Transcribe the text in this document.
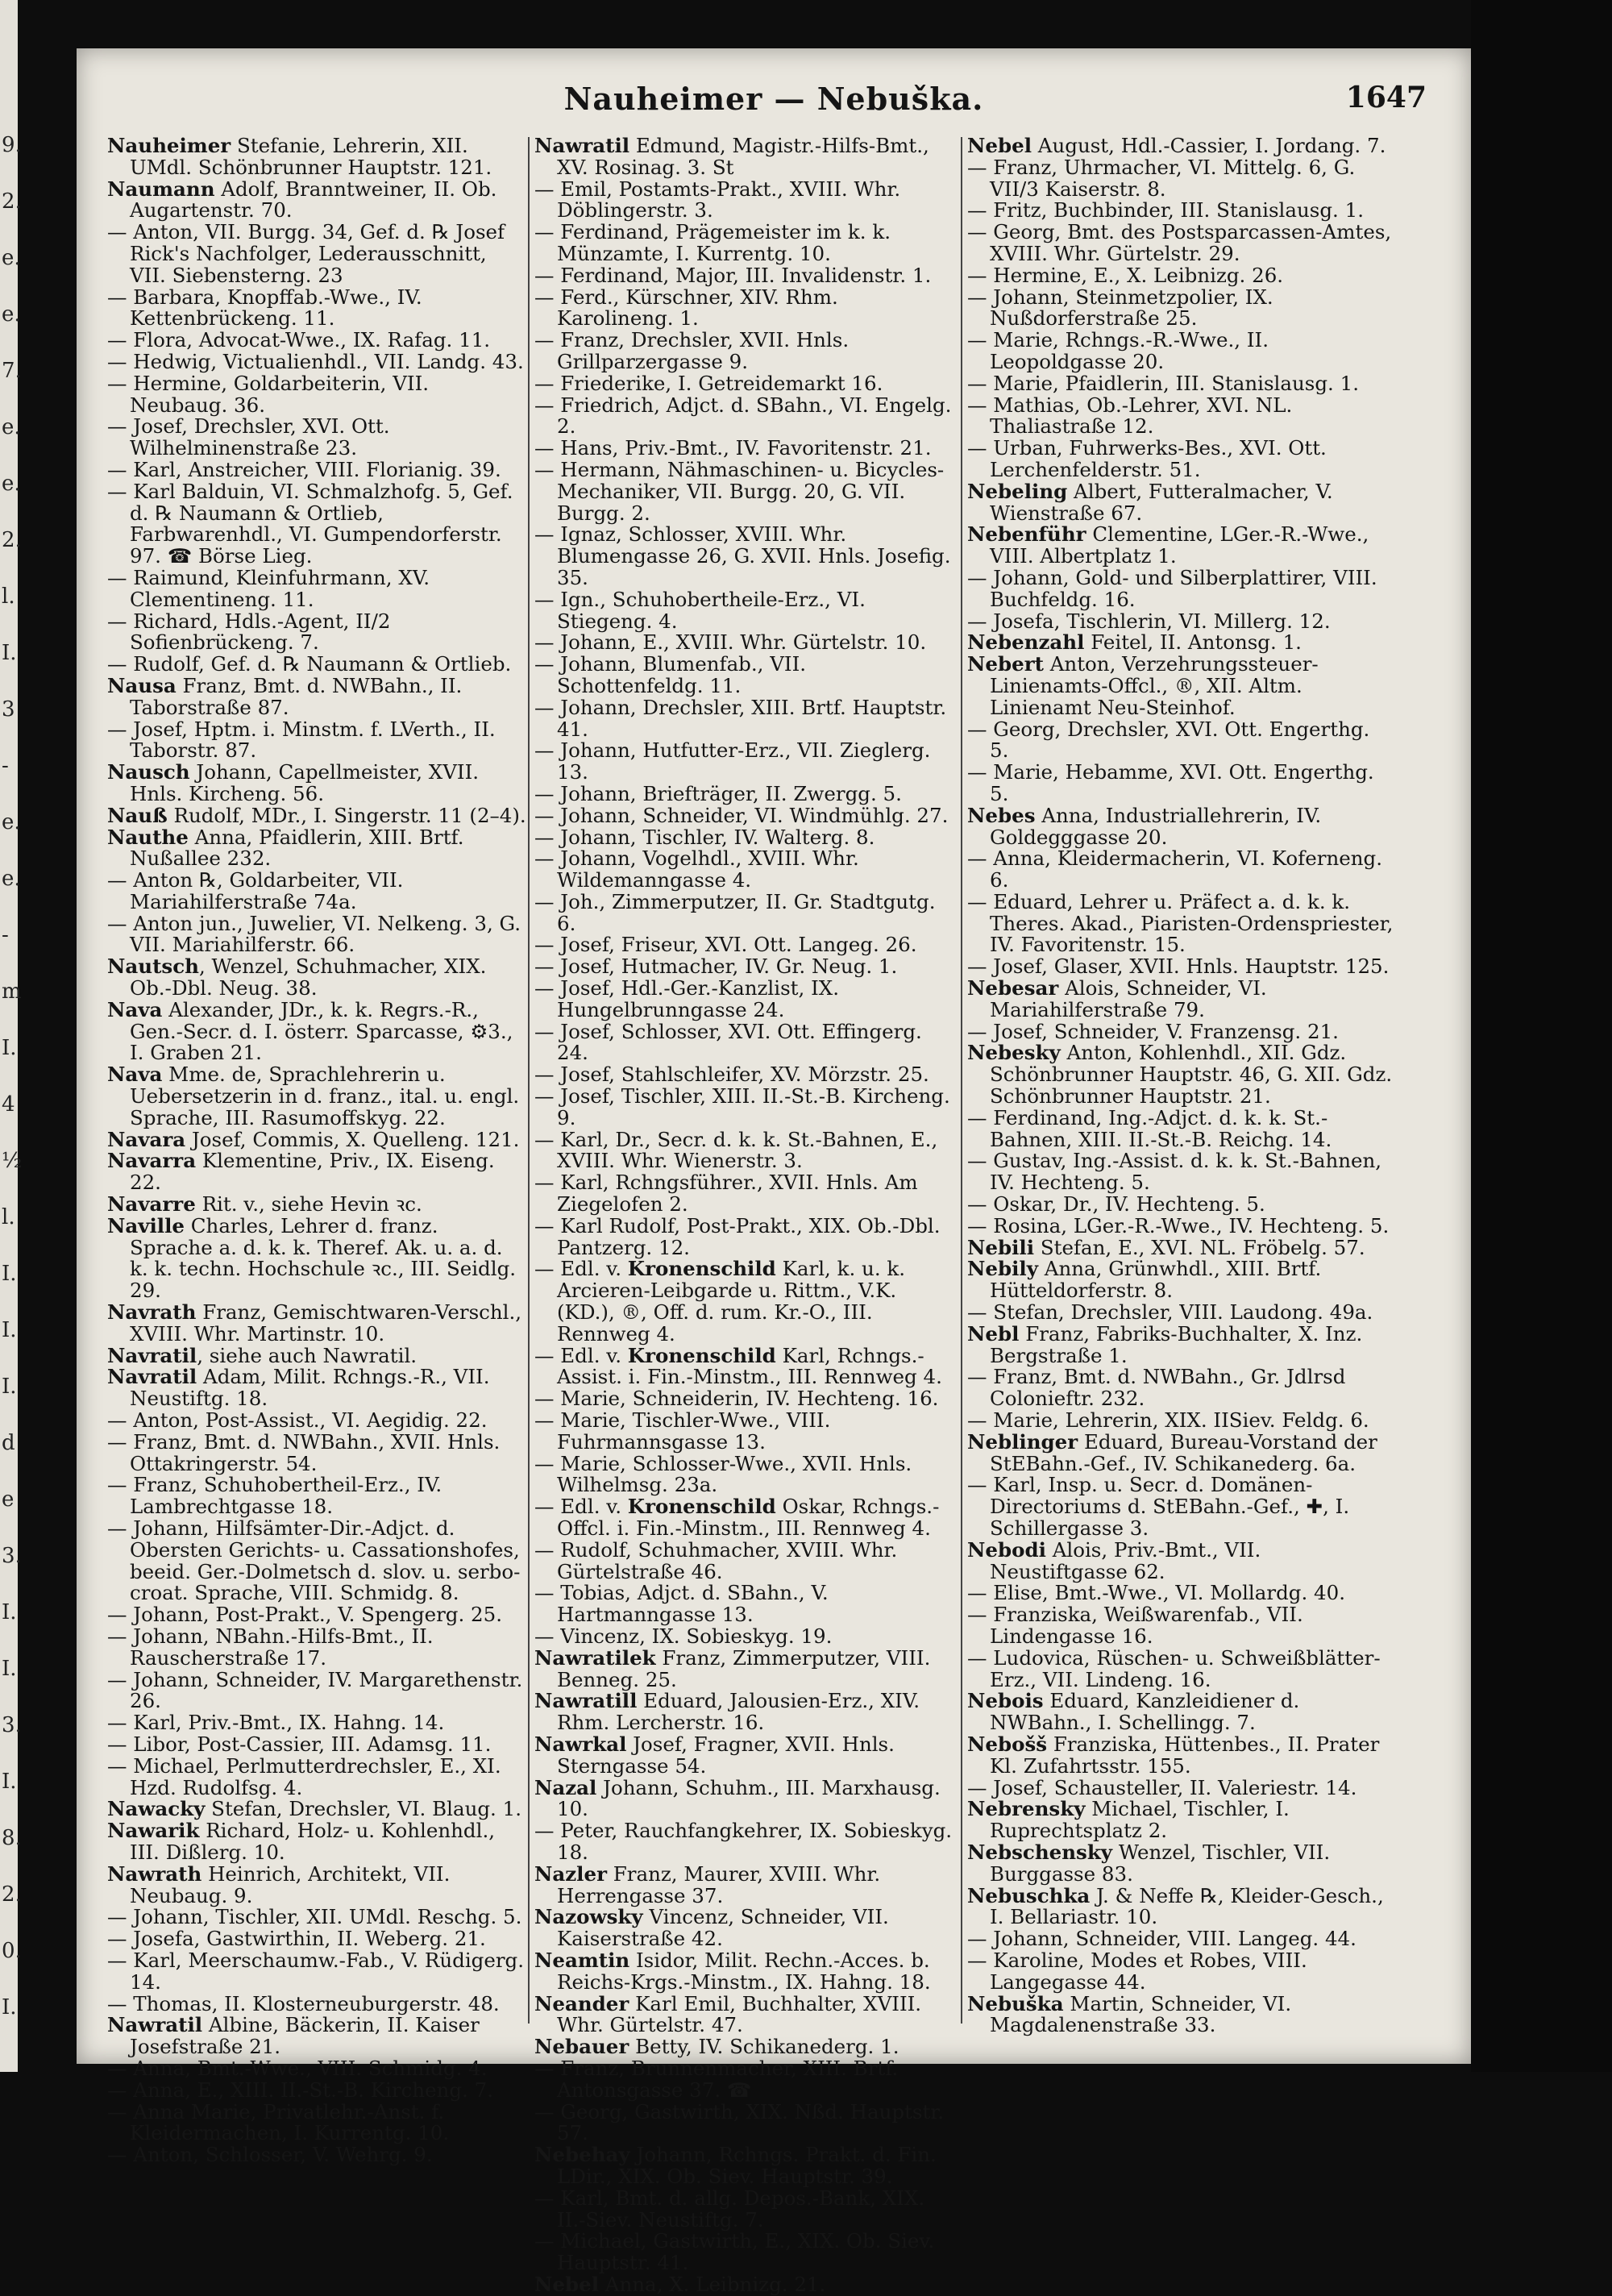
9.
2.
e.
e.
7.
e.
e.
2.
l.
I.
3
-
e.
e.
-
m
I.
4
½
l.
I.
I.
I.
d
e
3.
I.
I.
3.
I.
8.
2.
0.
I.
Nauheimer — Nebuška.	1647

Nauheimer Stefanie, Lehrerin, XII. UMdl. Schönbrunner Hauptstr. 121.

Naumann Adolf, Branntweiner, II. Ob. Augartenstr. 70.

— Anton, VII. Burgg. 34, Gef. d. ℞ Josef Rick's Nachfolger, Lederausschnitt, VII. Siebensterng. 23

— Barbara, Knopffab.-Wwe., IV. Kettenbrückeng. 11.

— Flora, Advocat-Wwe., IX. Rafag. 11.

— Hedwig, Victualienhdl., VII. Landg. 43.

— Hermine, Goldarbeiterin, VII. Neubaug. 36.

— Josef, Drechsler, XVI. Ott. Wilhelminenstraße 23.

— Karl, Anstreicher, VIII. Florianig. 39.

— Karl Balduin, VI. Schmalzhofg. 5, Gef. d. ℞ Naumann & Ortlieb, Farbwarenhdl., VI. Gumpendorferstr. 97. ☎ Börse Lieg.

— Raimund, Kleinfuhrmann, XV. Clementineng. 11.

— Richard, Hdls.-Agent, II/2 Sofienbrückeng. 7.

— Rudolf, Gef. d. ℞ Naumann & Ortlieb.

Nausa Franz, Bmt. d. NWBahn., II. Taborstraße 87.

— Josef, Hptm. i. Minstm. f. LVerth., II. Taborstr. 87.

Nausch Johann, Capellmeister, XVII. Hnls. Kircheng. 56.

Nauß Rudolf, MDr., I. Singerstr. 11 (2–4).

Nauthe Anna, Pfaidlerin, XIII. Brtf. Nußallee 232.

— Anton ℞, Goldarbeiter, VII. Mariahilferstraße 74a.

— Anton jun., Juwelier, VI. Nelkeng. 3, G. VII. Mariahilferstr. 66.

Nautsch, Wenzel, Schuhmacher, XIX. Ob.-Dbl. Neug. 38.

Nava Alexander, JDr., k. k. Regrs.-R., Gen.-Secr. d. I. österr. Sparcasse, ⚙3., I. Graben 21.

Nava Mme. de, Sprachlehrerin u. Uebersetzerin in d. franz., ital. u. engl. Sprache, III. Rasumoffskyg. 22.

Navara Josef, Commis, X. Quelleng. 121.

Navarra Klementine, Priv., IX. Eiseng. 22.

Navarre Rit. v., siehe Hevin ꝛc.

Naville Charles, Lehrer d. franz. Sprache a. d. k. k. Theref. Ak. u. a. d. k. k. techn. Hochschule ꝛc., III. Seidlg. 29.

Navrath Franz, Gemischtwaren-Verschl., XVIII. Whr. Martinstr. 10.

Navratil, siehe auch Nawratil.

Navratil Adam, Milit. Rchngs.-R., VII. Neustiftg. 18.

— Anton, Post-Assist., VI. Aegidig. 22.

— Franz, Bmt. d. NWBahn., XVII. Hnls. Ottakringerstr. 54.

— Franz, Schuhobertheil-Erz., IV. Lambrechtgasse 18.

— Johann, Hilfsämter-Dir.-Adjct. d. Obersten Gerichts- u. Cassationshofes, beeid. Ger.-Dolmetsch d. slov. u. serbo-croat. Sprache, VIII. Schmidg. 8.

— Johann, Post-Prakt., V. Spengerg. 25.

— Johann, NBahn.-Hilfs-Bmt., II. Rauscherstraße 17.

— Johann, Schneider, IV. Margarethenstr. 26.

— Karl, Priv.-Bmt., IX. Hahng. 14.

— Libor, Post-Cassier, III. Adamsg. 11.

— Michael, Perlmutterdrechsler, E., XI. Hzd. Rudolfsg. 4.

Nawacky Stefan, Drechsler, VI. Blaug. 1.

Nawarik Richard, Holz- u. Kohlenhdl., III. Dißlerg. 10.

Nawrath Heinrich, Architekt, VII. Neubaug. 9.

— Johann, Tischler, XII. UMdl. Reschg. 5.

— Josefa, Gastwirthin, II. Weberg. 21.

— Karl, Meerschaumw.-Fab., V. Rüdigerg. 14.

— Thomas, II. Klosterneuburgerstr. 48.

Nawratil Albine, Bäckerin, II. Kaiser Josefstraße 21.

— Anna, Bmt.-Wwe., VIII. Schmidg. 4.

— Anna, E., XIII. II.-St.-B. Kircheng. 7.

— Anna Marie, Privatlehr.-Anst. f. Kleidermachen, I. Kurrentg. 10.

— Anton, Schlosser, V. Wehrg. 9.

Nawratil Edmund, Magistr.-Hilfs-Bmt., XV. Rosinag. 3. St

— Emil, Postamts-Prakt., XVIII. Whr. Döblingerstr. 3.

— Ferdinand, Prägemeister im k. k. Münzamte, I. Kurrentg. 10.

— Ferdinand, Major, III. Invalidenstr. 1.

— Ferd., Kürschner, XIV. Rhm. Karolineng. 1.

— Franz, Drechsler, XVII. Hnls. Grillparzergasse 9.

— Friederike, I. Getreidemarkt 16.

— Friedrich, Adjct. d. SBahn., VI. Engelg. 2.

— Hans, Priv.-Bmt., IV. Favoritenstr. 21.

— Hermann, Nähmaschinen- u. Bicycles-Mechaniker, VII. Burgg. 20, G. VII. Burgg. 2.

— Ignaz, Schlosser, XVIII. Whr. Blumengasse 26, G. XVII. Hnls. Josefig. 35.

— Ign., Schuhobertheile-Erz., VI. Stiegeng. 4.

— Johann, E., XVIII. Whr. Gürtelstr. 10.

— Johann, Blumenfab., VII. Schottenfeldg. 11.

— Johann, Drechsler, XIII. Brtf. Hauptstr. 41.

— Johann, Hutfutter-Erz., VII. Zieglerg. 13.

— Johann, Briefträger, II. Zwergg. 5.

— Johann, Schneider, VI. Windmühlg. 27.

— Johann, Tischler, IV. Walterg. 8.

— Johann, Vogelhdl., XVIII. Whr. Wildemanngasse 4.

— Joh., Zimmerputzer, II. Gr. Stadtgutg. 6.

— Josef, Friseur, XVI. Ott. Langeg. 26.

— Josef, Hutmacher, IV. Gr. Neug. 1.

— Josef, Hdl.-Ger.-Kanzlist, IX. Hungelbrunngasse 24.

— Josef, Schlosser, XVI. Ott. Effingerg. 24.

— Josef, Stahlschleifer, XV. Mörzstr. 25.

— Josef, Tischler, XIII. II.-St.-B. Kircheng. 9.

— Karl, Dr., Secr. d. k. k. St.-Bahnen, E., XVIII. Whr. Wienerstr. 3.

— Karl, Rchngsführer., XVII. Hnls. Am Ziegelofen 2.

— Karl Rudolf, Post-Prakt., XIX. Ob.-Dbl. Pantzerg. 12.

— Edl. v. Kronenschild Karl, k. u. k. Arcieren-Leibgarde u. Rittm., V.K. (KD.), ®, Off. d. rum. Kr.-O., III. Rennweg 4.

— Edl. v. Kronenschild Karl, Rchngs.-Assist. i. Fin.-Minstm., III. Rennweg 4.

— Marie, Schneiderin, IV. Hechteng. 16.

— Marie, Tischler-Wwe., VIII. Fuhrmannsgasse 13.

— Marie, Schlosser-Wwe., XVII. Hnls. Wilhelmsg. 23a.

— Edl. v. Kronenschild Oskar, Rchngs.-Offcl. i. Fin.-Minstm., III. Rennweg 4.

— Rudolf, Schuhmacher, XVIII. Whr. Gürtelstraße 46.

— Tobias, Adjct. d. SBahn., V. Hartmanngasse 13.

— Vincenz, IX. Sobieskyg. 19.

Nawratilek Franz, Zimmerputzer, VIII. Benneg. 25.

Nawratill Eduard, Jalousien-Erz., XIV. Rhm. Lercherstr. 16.

Nawrkal Josef, Fragner, XVII. Hnls. Sterngasse 54.

Nazal Johann, Schuhm., III. Marxhausg. 10.

— Peter, Rauchfangkehrer, IX. Sobieskyg. 18.

Nazler Franz, Maurer, XVIII. Whr. Herrengasse 37.

Nazowsky Vincenz, Schneider, VII. Kaiserstraße 42.

Neamtin Isidor, Milit. Rechn.-Acces. b. Reichs-Krgs.-Minstm., IX. Hahng. 18.

Neander Karl Emil, Buchhalter, XVIII. Whr. Gürtelstr. 47.

Nebauer Betty, IV. Schikanederg. 1.

— Franz, Brunnenmacher, XIII. Brtf. Antonsgasse 37. ☎

— Georg, Gastwirth, XIX. Nßd. Hauptstr. 57.

Nebehay Johann, Rchngs. Prakt. d. Fin. LDir., XIX. Ob. Siev. Hauptstr. 39.

— Karl, Bmt. d. allg. Depos.-Bank, XIX. II.-Siev. Neustiftg. 7.

— Michael, Gastwirth, E., XIX. Ob. Siev. Hauptstr. 41.

Nebel Anna, X. Leibnizg. 21.

Nebel August, Hdl.-Cassier, I. Jordang. 7.

— Franz, Uhrmacher, VI. Mittelg. 6, G. VII/3 Kaiserstr. 8.

— Fritz, Buchbinder, III. Stanislausg. 1.

— Georg, Bmt. des Postsparcassen-Amtes, XVIII. Whr. Gürtelstr. 29.

— Hermine, E., X. Leibnizg. 26.

— Johann, Steinmetzpolier, IX. Nußdorferstraße 25.

— Marie, Rchngs.-R.-Wwe., II. Leopoldgasse 20.

— Marie, Pfaidlerin, III. Stanislausg. 1.

— Mathias, Ob.-Lehrer, XVI. NL. Thaliastraße 12.

— Urban, Fuhrwerks-Bes., XVI. Ott. Lerchenfelderstr. 51.

Nebeling Albert, Futteralmacher, V. Wienstraße 67.

Nebenführ Clementine, LGer.-R.-Wwe., VIII. Albertplatz 1.

— Johann, Gold- und Silberplattirer, VIII. Buchfeldg. 16.

— Josefa, Tischlerin, VI. Millerg. 12.

Nebenzahl Feitel, II. Antonsg. 1.

Nebert Anton, Verzehrungssteuer-Linienamts-Offcl., ®, XII. Altm. Linienamt Neu-Steinhof.

— Georg, Drechsler, XVI. Ott. Engerthg. 5.

— Marie, Hebamme, XVI. Ott. Engerthg. 5.

Nebes Anna, Industriallehrerin, IV. Goldegggasse 20.

— Anna, Kleidermacherin, VI. Koferneng. 6.

— Eduard, Lehrer u. Präfect a. d. k. k. Theres. Akad., Piaristen-Ordenspriester, IV. Favoritenstr. 15.

— Josef, Glaser, XVII. Hnls. Hauptstr. 125.

Nebesar Alois, Schneider, VI. Mariahilferstraße 79.

— Josef, Schneider, V. Franzensg. 21.

Nebesky Anton, Kohlenhdl., XII. Gdz. Schönbrunner Hauptstr. 46, G. XII. Gdz. Schönbrunner Hauptstr. 21.

— Ferdinand, Ing.-Adjct. d. k. k. St.-Bahnen, XIII. II.-St.-B. Reichg. 14.

— Gustav, Ing.-Assist. d. k. k. St.-Bahnen, IV. Hechteng. 5.

— Oskar, Dr., IV. Hechteng. 5.

— Rosina, LGer.-R.-Wwe., IV. Hechteng. 5.

Nebili Stefan, E., XVI. NL. Fröbelg. 57.

Nebily Anna, Grünwhdl., XIII. Brtf. Hütteldorferstr. 8.

— Stefan, Drechsler, VIII. Laudong. 49a.

Nebl Franz, Fabriks-Buchhalter, X. Inz. Bergstraße 1.

— Franz, Bmt. d. NWBahn., Gr. Jdlrsd Colonieftr. 232.

— Marie, Lehrerin, XIX. IISiev. Feldg. 6.

Neblinger Eduard, Bureau-Vorstand der StEBahn.-Gef., IV. Schikanederg. 6a.

— Karl, Insp. u. Secr. d. Domänen-Directoriums d. StEBahn.-Gef., ✚, I. Schillergasse 3.

Nebodi Alois, Priv.-Bmt., VII. Neustiftgasse 62.

— Elise, Bmt.-Wwe., VI. Mollardg. 40.

— Franziska, Weißwarenfab., VII. Lindengasse 16.

— Ludovica, Rüschen- u. Schweißblätter-Erz., VII. Lindeng. 16.

Nebois Eduard, Kanzleidiener d. NWBahn., I. Schellingg. 7.

Nebošš Franziska, Hüttenbes., II. Prater Kl. Zufahrtsstr. 155.

— Josef, Schausteller, II. Valeriestr. 14.

Nebrensky Michael, Tischler, I. Ruprechtsplatz 2.

Nebschensky Wenzel, Tischler, VII. Burggasse 83.

Nebuschka J. & Neffe ℞, Kleider-Gesch., I. Bellariastr. 10.

— Johann, Schneider, VIII. Langeg. 44.

— Karoline, Modes et Robes, VIII. Langegasse 44.

Nebuška Martin, Schneider, VI. Magdalenenstraße 33.
